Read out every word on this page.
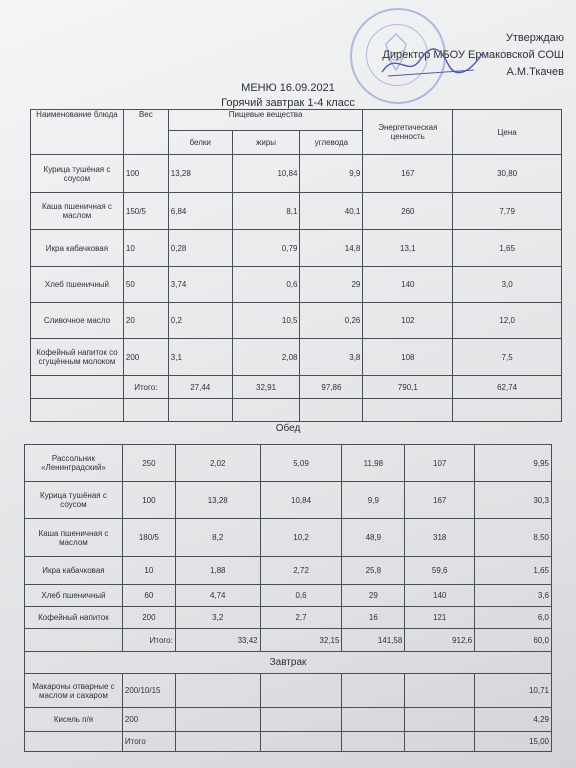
Утверждаю
Директор МБОУ Ермаковской СОШ
А.М.Ткачев
МЕНЮ 16.09.2021
Горячий завтрак 1-4 класс
Наименование блюда	Вес	Пищевые вещества			Энергетическая ценность	Цена
		белки	жиры	углевода		
Курица тушёная с соусом	100	13,28	10,84	9,9	167	30,80
Каша пшеничная с маслом	150/5	6,84	8,1	40,1	260	7,79
Икра кабачковая	10	0,28	0,79	14,8	13,1	1,65
Хлеб пшеничный	50	3,74	0,6	29	140	3,0
Сливочное масло	20	0,2	10,5	0,26	102	12,0
Кофейный напиток со сгущённым молоком	200	3,1	2,08	3,8	108	7,5
	Итого:	27,44	32,91	97,86	790,1	62,74

Обед
Рассольник «Ленинградский»	250	2,02	5,09	11,98	107	9,95
Курица тушёная с соусом	100	13,28	10,84	9,9	167	30,3
Каша пшеничная с маслом	180/5	8,2	10,2	48,9	318	8,50
Икра кабачковая	10	1,88	2,72	25,8	59,6	1,65
Хлеб пшеничный	60	4,74	0,6	29	140	3,6
Кофейный напиток	200	3,2	2,7	16	121	6,0
	Итого:	33,42	32,15	141,58	912,6	60,0
Завтрак						
Макароны отварные с маслом и сахаром	200/10/15					10,71
Кисель п/я	200					4,29
	Итого					15,00
